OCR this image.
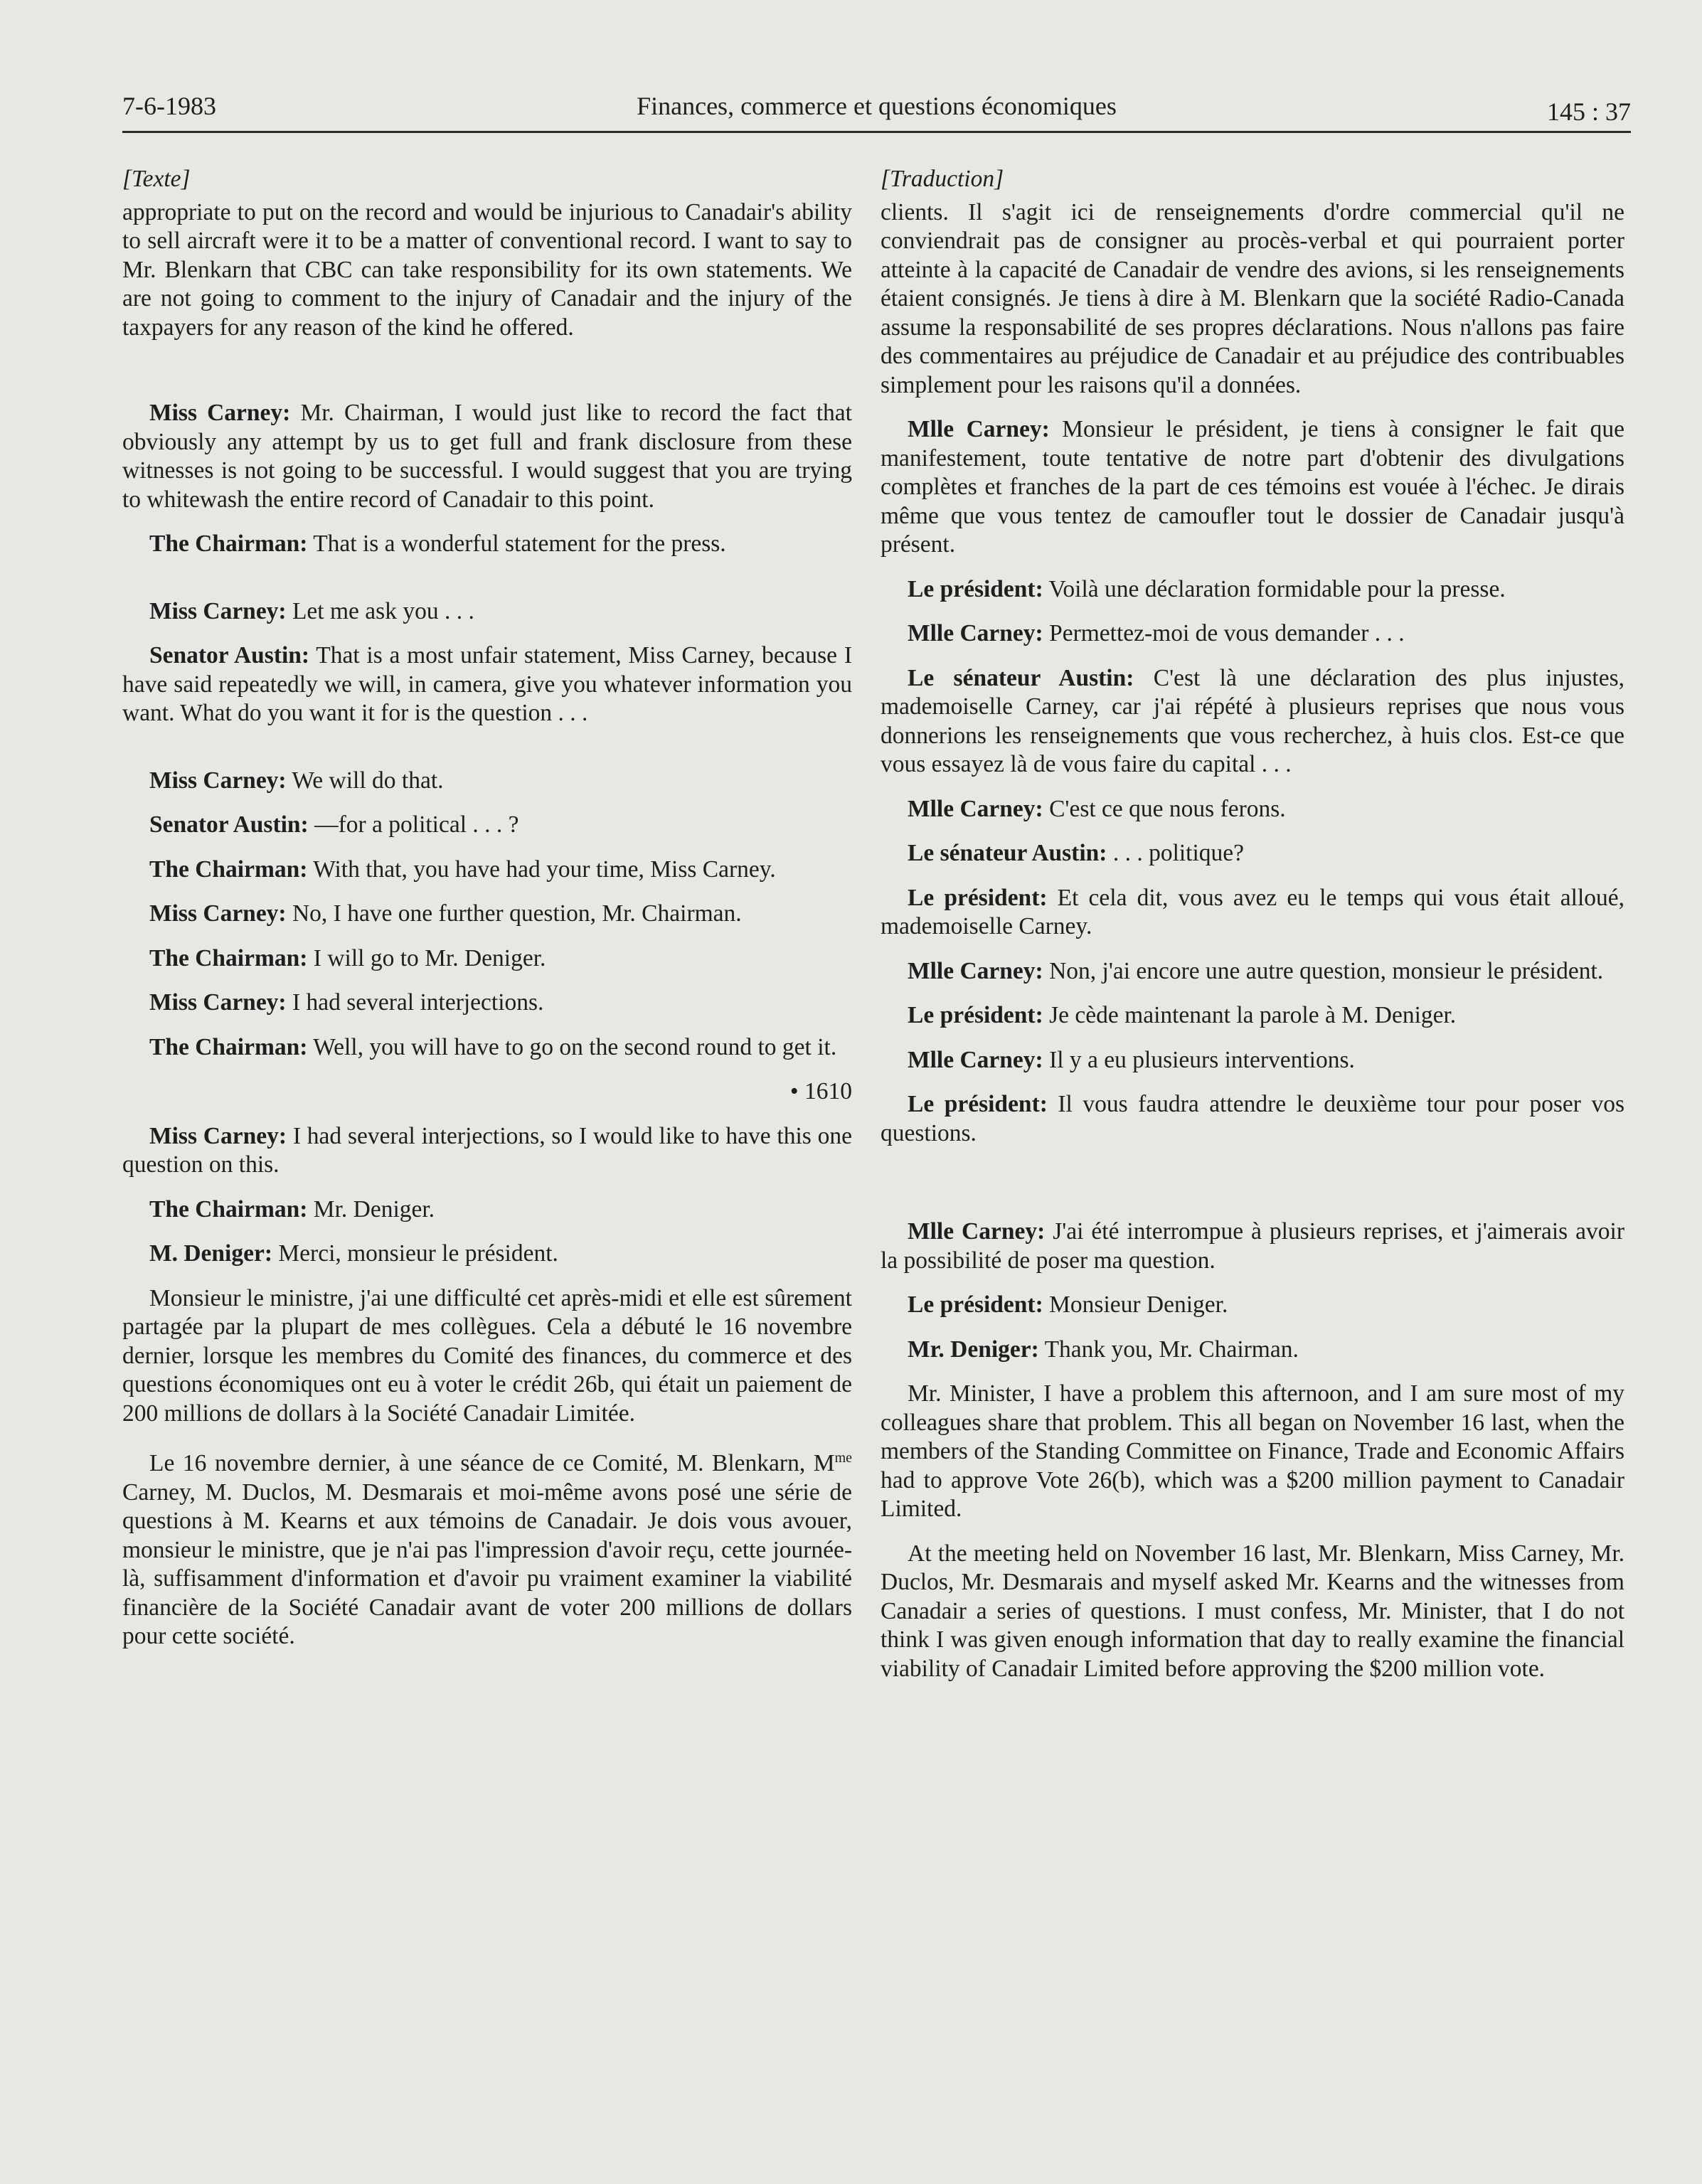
7-6-1983	Finances, commerce et questions économiques	145 : 37
[Texte]

appropriate to put on the record and would be injurious to Canadair's ability to sell aircraft were it to be a matter of conventional record. I want to say to Mr. Blenkarn that CBC can take responsibility for its own statements. We are not going to comment to the injury of Canadair and the injury of the taxpayers for any reason of the kind he offered.

Miss Carney: Mr. Chairman, I would just like to record the fact that obviously any attempt by us to get full and frank disclosure from these witnesses is not going to be successful. I would suggest that you are trying to whitewash the entire record of Canadair to this point.

The Chairman: That is a wonderful statement for the press.

Miss Carney: Let me ask you . . .

Senator Austin: That is a most unfair statement, Miss Carney, because I have said repeatedly we will, in camera, give you whatever information you want. What do you want it for is the question . . .

Miss Carney: We will do that.

Senator Austin: —for a political . . . ?

The Chairman: With that, you have had your time, Miss Carney.

Miss Carney: No, I have one further question, Mr. Chairman.

The Chairman: I will go to Mr. Deniger.

Miss Carney: I had several interjections.

The Chairman: Well, you will have to go on the second round to get it.

• 1610

Miss Carney: I had several interjections, so I would like to have this one question on this.

The Chairman: Mr. Deniger.

M. Deniger: Merci, monsieur le président.

Monsieur le ministre, j'ai une difficulté cet après-midi et elle est sûrement partagée par la plupart de mes collègues. Cela a débuté le 16 novembre dernier, lorsque les membres du Comité des finances, du commerce et des questions économiques ont eu à voter le crédit 26b, qui était un paiement de 200 millions de dollars à la Société Canadair Limitée.

Le 16 novembre dernier, à une séance de ce Comité, M. Blenkarn, $M^{me}$ Carney, M. Duclos, M. Desmarais et moi-même avons posé une série de questions à M. Kearns et aux témoins de Canadair. Je dois vous avouer, monsieur le ministre, que je n'ai pas l'impression d'avoir reçu, cette journée-là, suffisamment d'information et d'avoir pu vraiment examiner la viabilité financière de la Société Canadair avant de voter 200 millions de dollars pour cette société.

[Traduction]

clients. Il s'agit ici de renseignements d'ordre commercial qu'il ne conviendrait pas de consigner au procès-verbal et qui pourraient porter atteinte à la capacité de Canadair de vendre des avions, si les renseignements étaient consignés. Je tiens à dire à M. Blenkarn que la société Radio-Canada assume la responsabilité de ses propres déclarations. Nous n'allons pas faire des commentaires au préjudice de Canadair et au préjudice des contribuables simplement pour les raisons qu'il a données.

Mlle Carney: Monsieur le président, je tiens à consigner le fait que manifestement, toute tentative de notre part d'obtenir des divulgations complètes et franches de la part de ces témoins est vouée à l'échec. Je dirais même que vous tentez de camoufler tout le dossier de Canadair jusqu'à présent.

Le président: Voilà une déclaration formidable pour la presse.

Mlle Carney: Permettez-moi de vous demander . . .

Le sénateur Austin: C'est là une déclaration des plus injustes, mademoiselle Carney, car j'ai répété à plusieurs reprises que nous vous donnerions les renseignements que vous recherchez, à huis clos. Est-ce que vous essayez là de vous faire du capital . . .

Mlle Carney: C'est ce que nous ferons.

Le sénateur Austin: . . . politique?

Le président: Et cela dit, vous avez eu le temps qui vous était alloué, mademoiselle Carney.

Mlle Carney: Non, j'ai encore une autre question, monsieur le président.

Le président: Je cède maintenant la parole à M. Deniger.

Mlle Carney: Il y a eu plusieurs interventions.

Le président: Il vous faudra attendre le deuxième tour pour poser vos questions.

Mlle Carney: J'ai été interrompue à plusieurs reprises, et j'aimerais avoir la possibilité de poser ma question.

Le président: Monsieur Deniger.

Mr. Deniger: Thank you, Mr. Chairman.

Mr. Minister, I have a problem this afternoon, and I am sure most of my colleagues share that problem. This all began on November 16 last, when the members of the Standing Committee on Finance, Trade and Economic Affairs had to approve Vote 26(b), which was a $200 million payment to Canadair Limited.

At the meeting held on November 16 last, Mr. Blenkarn, Miss Carney, Mr. Duclos, Mr. Desmarais and myself asked Mr. Kearns and the witnesses from Canadair a series of questions. I must confess, Mr. Minister, that I do not think I was given enough information that day to really examine the financial viability of Canadair Limited before approving the $200 million vote.
